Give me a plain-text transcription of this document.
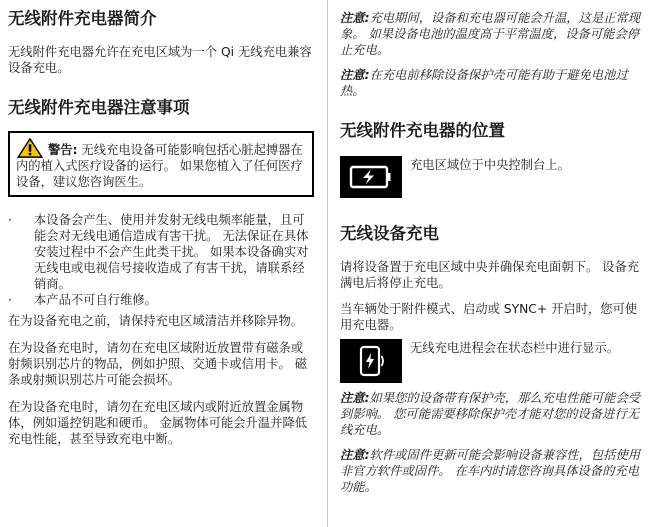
无线附件充电器简介

无线附件充电器允许在充电区域为一个 Qi 无线充电兼容设备充电。

无线附件充电器注意事项
警告: 无线充电设备可能影响包括心脏起搏器在内的植入式医疗设备的运行。 如果您植入了任何医疗设备，建议您咨询医生。
· 本设备会产生、使用并发射无线电频率能量，且可能会对无线电通信造成有害干扰。 无法保证在具体安装过程中不会产生此类干扰。 如果本设备确实对无线电或电视信号接收造成了有害干扰，请联系经销商。
· 本产品不可自行维修。

在为设备充电之前，请保持充电区域清洁并移除异物。

在为设备充电时，请勿在充电区域附近放置带有磁条或射频识别芯片的物品，例如护照、交通卡或信用卡。 磁条或射频识别芯片可能会损坏。

在为设备充电时，请勿在充电区域内或附近放置金属物体，例如遥控钥匙和硬币。 金属物体可能会升温并降低充电性能，甚至导致充电中断。

注意:充电期间，设备和充电器可能会升温，这是正常现象。 如果设备电池的温度高于平常温度，设备可能会停止充电。

注意:在充电前移除设备保护壳可能有助于避免电池过热。

无线附件充电器的位置

充电区域位于中央控制台上。

无线设备充电

请将设备置于充电区域中央并确保充电面朝下。 设备充满电后将停止充电。

当车辆处于附件模式、启动或 SYNC+ 开启时，您可使用充电器。

无线充电进程会在状态栏中进行显示。

注意:如果您的设备带有保护壳，那么充电性能可能会受到影响。 您可能需要移除保护壳才能对您的设备进行无线充电。

注意:软件或固件更新可能会影响设备兼容性，包括使用非官方软件或固件。 在车内时请您咨询具体设备的充电功能。
